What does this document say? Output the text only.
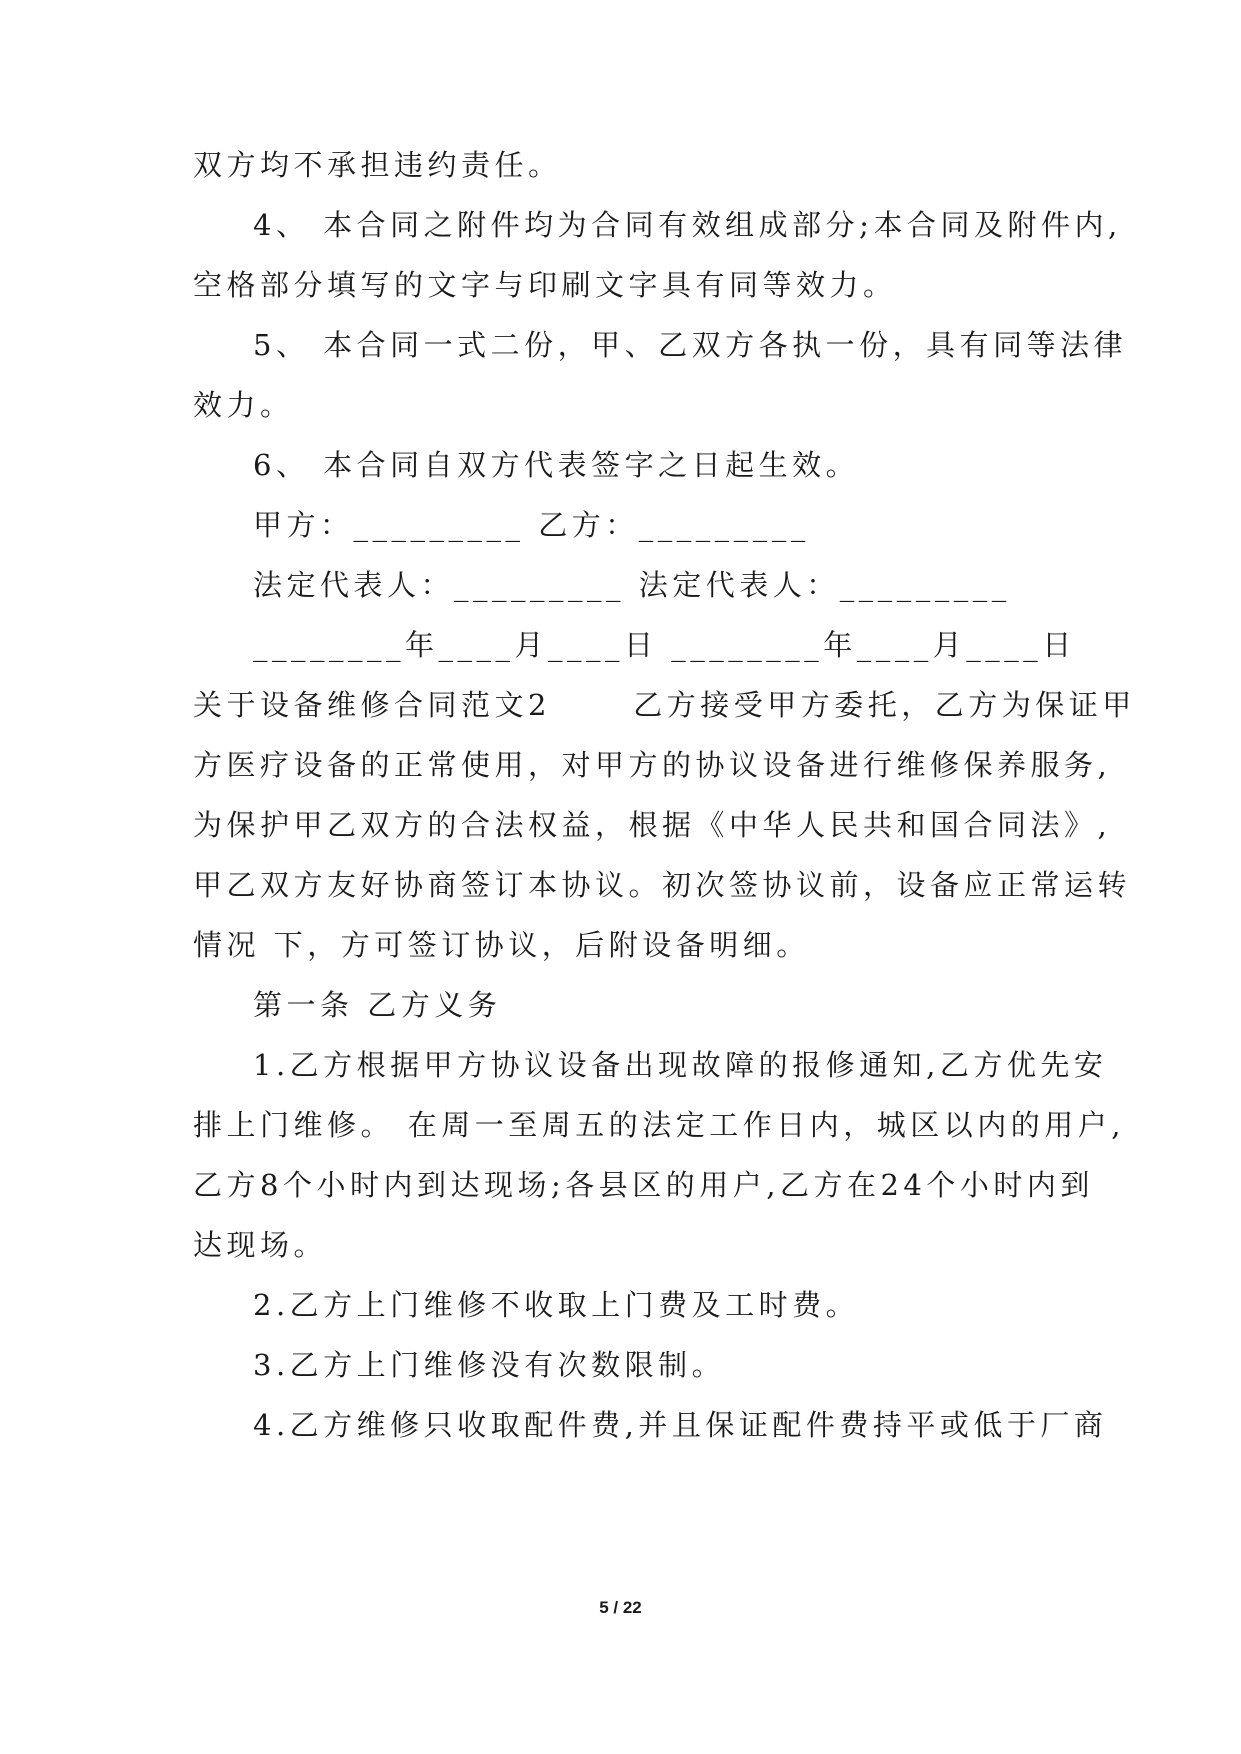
双方均不承担违约责任。
4、 本合同之附件均为合同有效组成部分;本合同及附件内,
空格部分填写的文字与印刷文字具有同等效力。
5、 本合同一式二份，甲、乙双方各执一份，具有同等法律
效力。
6、 本合同自双方代表签字之日起生效。
甲方：_________ 乙方：_________
法定代表人：_________ 法定代表人：_________
________年____月____日 ________年____月____日
关于设备维修合同范文2      乙方接受甲方委托，乙方为保证甲
方医疗设备的正常使用，对甲方的协议设备进行维修保养服务,
为保护甲乙双方的合法权益，根据《中华人民共和国合同法》,
甲乙双方友好协商签订本协议。初次签协议前，设备应正常运转
情况 下，方可签订协议，后附设备明细。
第一条 乙方义务
1.乙方根据甲方协议设备出现故障的报修通知,乙方优先安
排上门维修。 在周一至周五的法定工作日内，城区以内的用户,
乙方8个小时内到达现场;各县区的用户,乙方在24个小时内到
达现场。
2.乙方上门维修不收取上门费及工时费。
3.乙方上门维修没有次数限制。
4.乙方维修只收取配件费,并且保证配件费持平或低于厂商
5 / 22
